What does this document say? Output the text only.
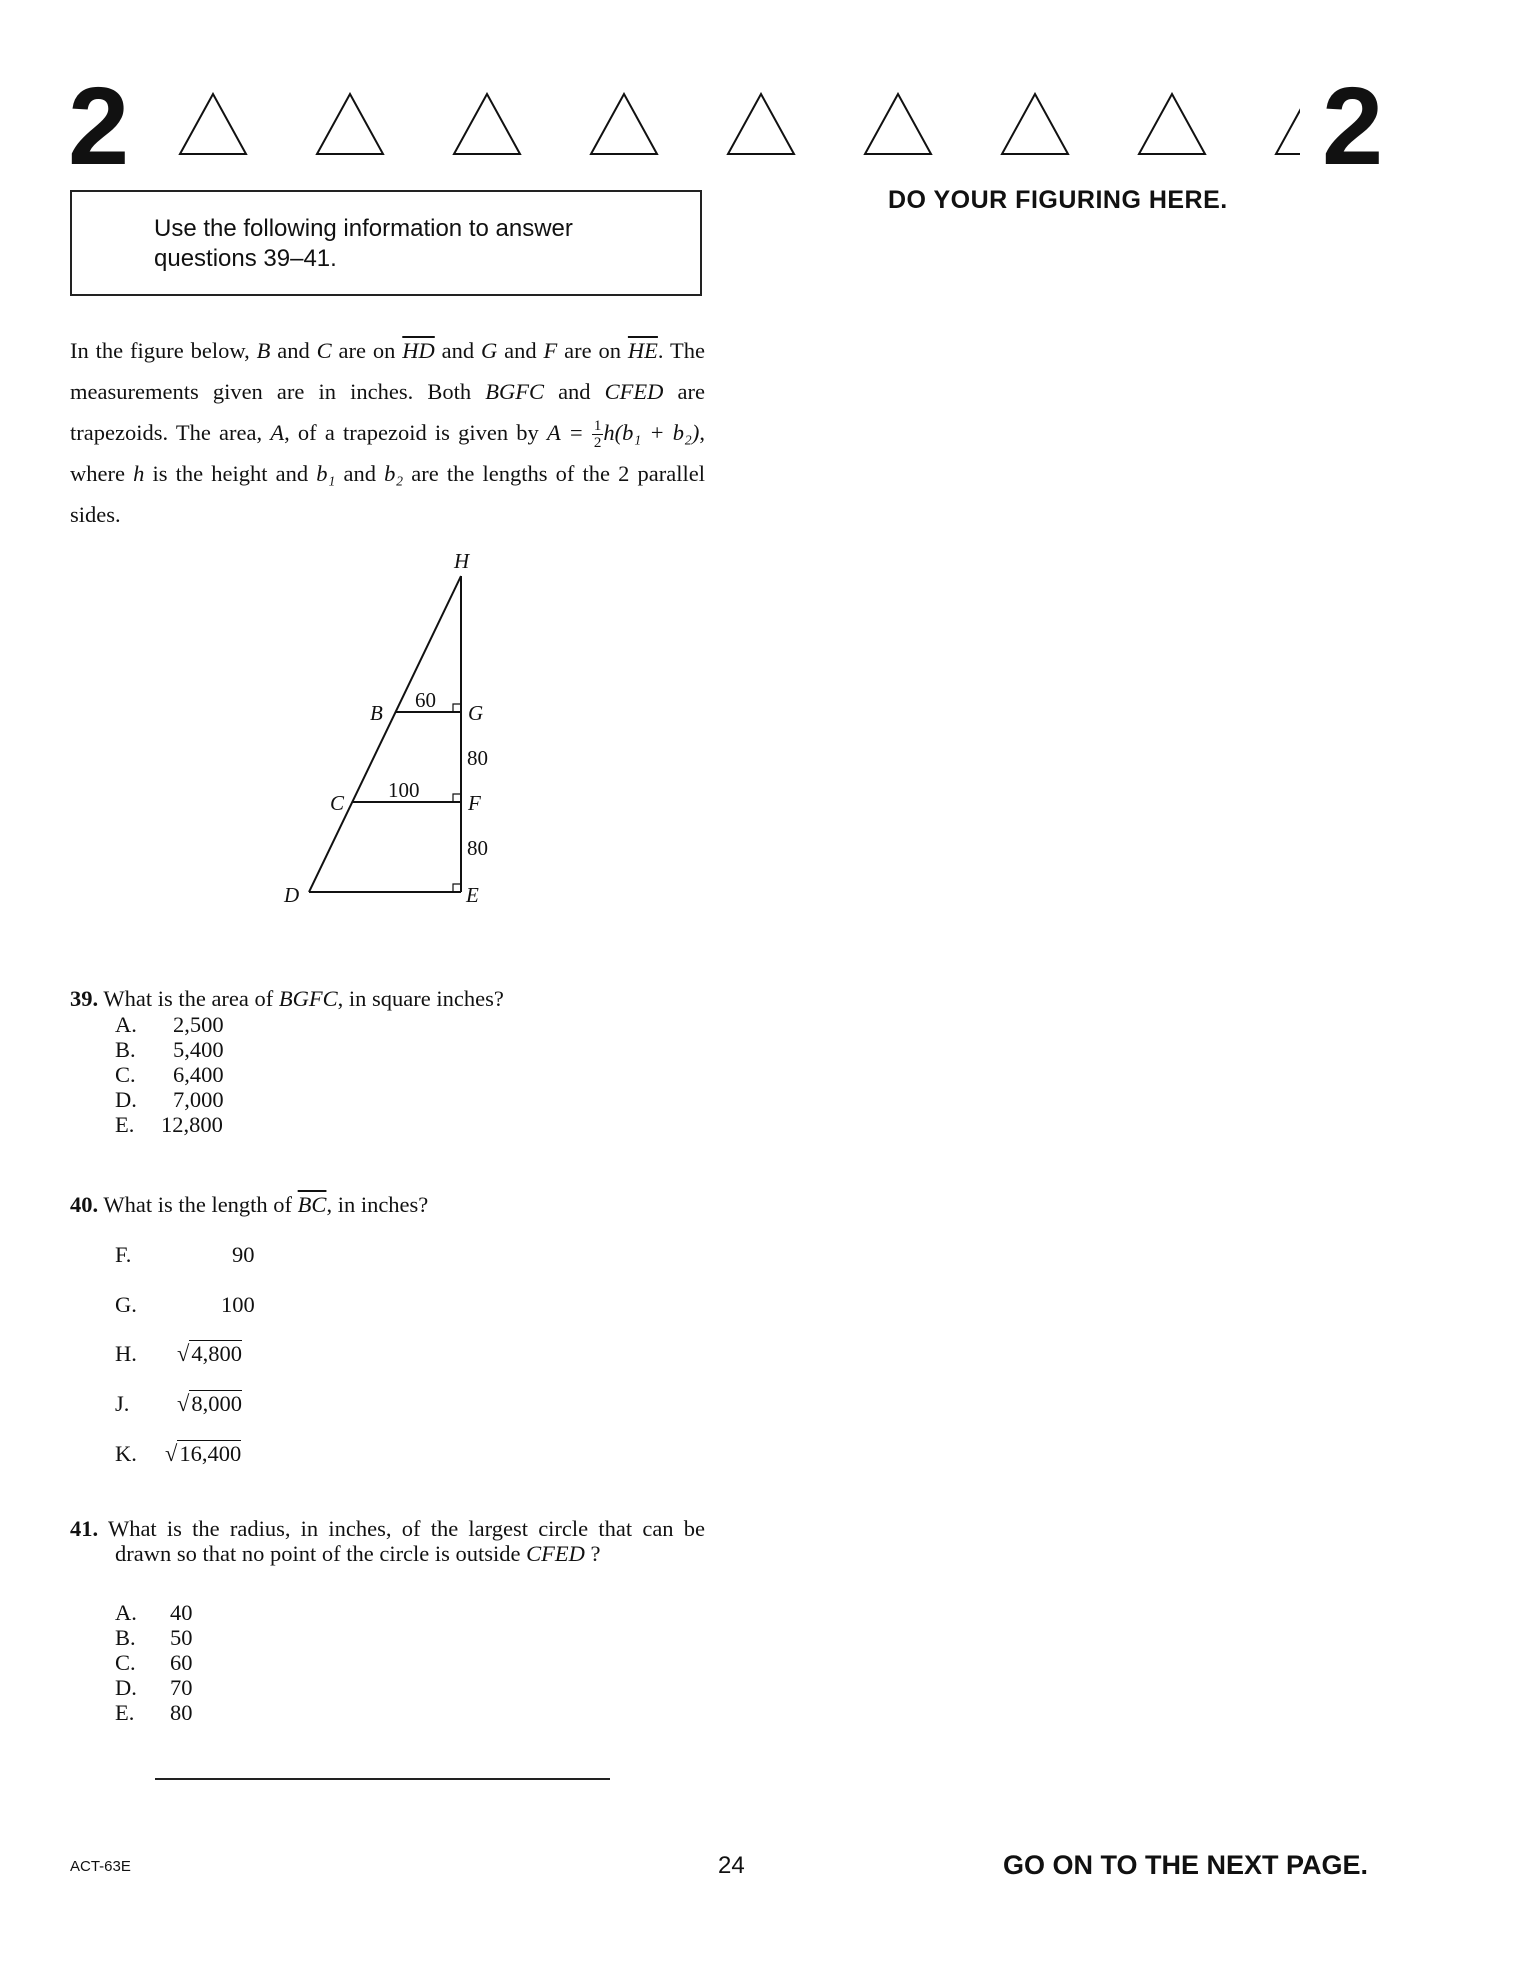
2	2
Use the following information to answer questions 39–41.
DO YOUR FIGURING HERE.
In the figure below, B and C are on $\overline{HD}$ and G and F are on $\overline{HE}$. The measurements given are in inches. Both BGFC and CFED are trapezoids. The area, A, of a trapezoid is given by $A = \frac{1}{2} h(b_1 + b_2)$, where h is the height and b₁ and b₂ are the lengths of the 2 parallel sides.
H
B	G
C	F
D	E
60
100
80
80
39. What is the area of BGFC, in square inches?
A. 2,500
B. 5,400
C. 6,400
D. 7,000
E. 12,800
40. What is the length of $\overline{BC}$, in inches?
F.	90
G.	100
H. √4,800
J. √8,000
K. √16,400
41. What is the radius, in inches, of the largest circle that can be drawn so that no point of the circle is outside CFED ?
A. 40
B. 50
C. 60
D. 70
E. 80
ACT-63E	24	GO ON TO THE NEXT PAGE.
